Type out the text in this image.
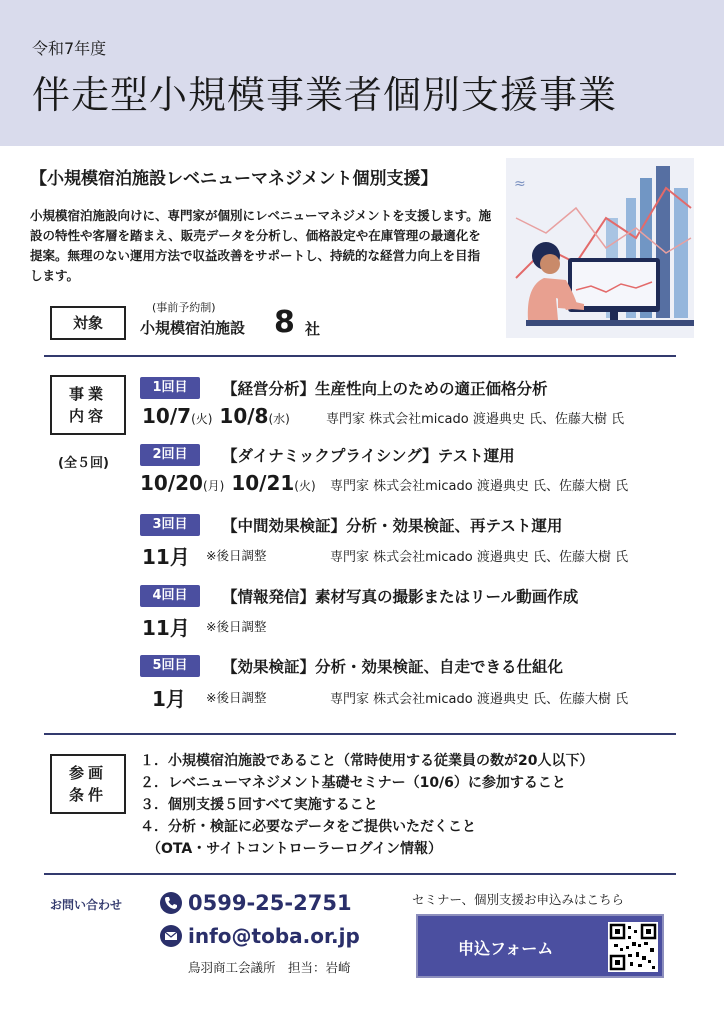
令和7年度
伴走型小規模事業者個別支援事業
【小規模宿泊施設レベニューマネジメント個別支援】
小規模宿泊施設向けに、専門家が個別にレベニューマネジメントを支援します。施設の特性や客層を踏まえ、販売データを分析し、価格設定や在庫管理の最適化を提案。無理のない運用方法で収益改善をサポートし、持続的な経営力向上を目指します。
≈
対象
(事前予約制)
小規模宿泊施設 8 社
事業
内容
(全５回)
1回目	【経営分析】生産性向上のための適正価格分析
10/7(火) 10/8(水)	専門家 株式会社micado 渡邉典史 氏、佐藤大樹 氏
2回目	【ダイナミックプライシング】テスト運用
10/20(月) 10/21(火) 専門家 株式会社micado 渡邉典史 氏、佐藤大樹 氏
3回目	【中間効果検証】分析・効果検証、再テスト運用
11月 ※後日調整	専門家 株式会社micado 渡邉典史 氏、佐藤大樹 氏
4回目	【情報発信】素材写真の撮影またはリール動画作成
11月 ※後日調整
5回目	【効果検証】分析・効果検証、自走できる仕組化
1月 ※後日調整	専門家 株式会社micado 渡邉典史 氏、佐藤大樹 氏
参画
条件
１．小規模宿泊施設であること（常時使用する従業員の数が20人以下）
２．レベニューマネジメント基礎セミナー（10/6）に参加すること
３．個別支援５回すべて実施すること
４．分析・検証に必要なデータをご提供いただくこと
　（OTA・サイトコントローラーログイン情報）
お問い合わせ	0599-25-2751
info@toba.or.jp
鳥羽商工会議所　担当：岩崎
セミナー、個別支援お申込みはこちら
申込フォーム
